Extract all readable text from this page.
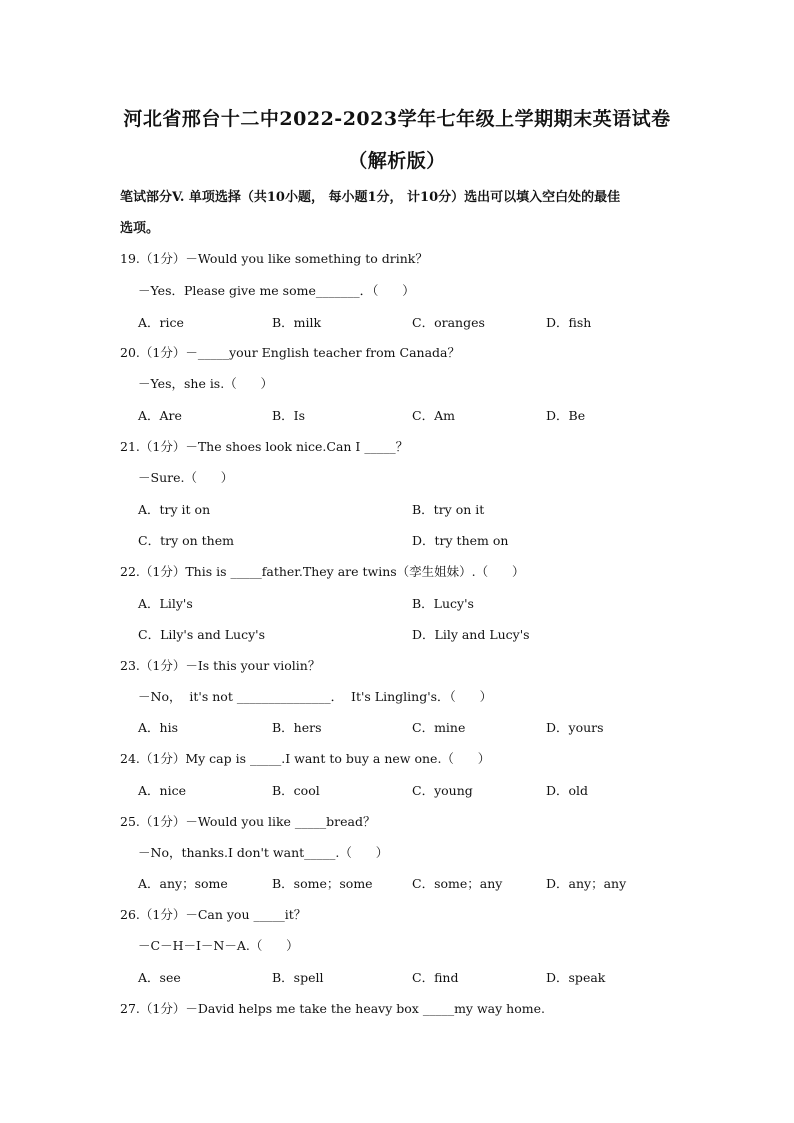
河北省邢台十二中2022-2023学年七年级上学期期末英语试卷
（解析版）
笔试部分V. 单项选择（共10小题， 每小题1分， 计10分）选出可以填入空白处的最佳
选项。
19.（1分）－Would you like something to drink？
－Yes．Please give me some_______．（      ）
A．rice	B．milk	C．oranges	D．fish
20.（1分）－_____your English teacher from Canada？
－Yes，she is.（      ）
A．Are	B．Is	C．Am	D．Be
21.（1分）－The shoes look nice.Can I _____？
－Sure.（      ）
A．try it on	B．try on it
C．try on them	D．try them on
22.（1分）This is _____father.They are twins（孪生姐妹）.（      ）
A．Lily's	B．Lucy's
C．Lily's and Lucy's	D．Lily and Lucy's
23.（1分）－Is this your violin？
－No，  it's not _______________．  It's Lingling's．（      ）
A．his	B．hers	C．mine	D．yours
24.（1分）My cap is _____.I want to buy a new one.（      ）
A．nice	B．cool	C．young	D．old
25.（1分）－Would you like _____bread？
－No，thanks.I don't want_____.（      ）
A．any；some	B．some；some	C．some；any	D．any；any
26.（1分）－Can you _____it？
－C－H－I－N－A.（      ）
A．see	B．spell	C．find	D．speak
27.（1分）－David helps me take the heavy box _____my way home.
